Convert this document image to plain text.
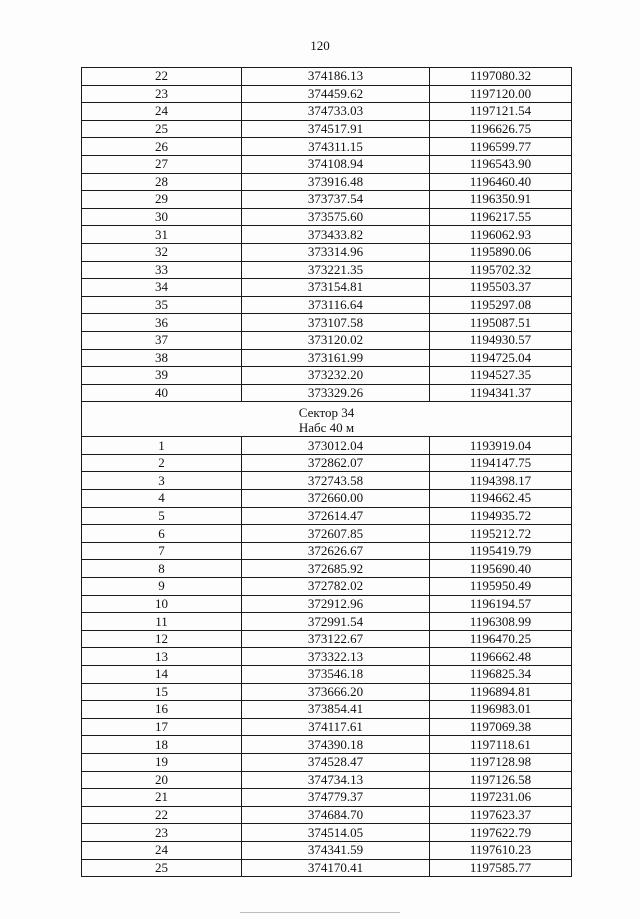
120
22	374186.13	1197080.32
23	374459.62	1197120.00
24	374733.03	1197121.54
25	374517.91	1196626.75
26	374311.15	1196599.77
27	374108.94	1196543.90
28	373916.48	1196460.40
29	373737.54	1196350.91
30	373575.60	1196217.55
31	373433.82	1196062.93
32	373314.96	1195890.06
33	373221.35	1195702.32
34	373154.81	1195503.37
35	373116.64	1195297.08
36	373107.58	1195087.51
37	373120.02	1194930.57
38	373161.99	1194725.04
39	373232.20	1194527.35
40	373329.26	1194341.37

Сектор 34
Набс 40 м		

1	373012.04	1193919.04
2	372862.07	1194147.75
3	372743.58	1194398.17
4	372660.00	1194662.45
5	372614.47	1194935.72
6	372607.85	1195212.72
7	372626.67	1195419.79
8	372685.92	1195690.40
9	372782.02	1195950.49
10	372912.96	1196194.57
11	372991.54	1196308.99
12	373122.67	1196470.25
13	373322.13	1196662.48
14	373546.18	1196825.34
15	373666.20	1196894.81
16	373854.41	1196983.01
17	374117.61	1197069.38
18	374390.18	1197118.61
19	374528.47	1197128.98
20	374734.13	1197126.58
21	374779.37	1197231.06
22	374684.70	1197623.37
23	374514.05	1197622.79
24	374341.59	1197610.23
25	374170.41	1197585.77
